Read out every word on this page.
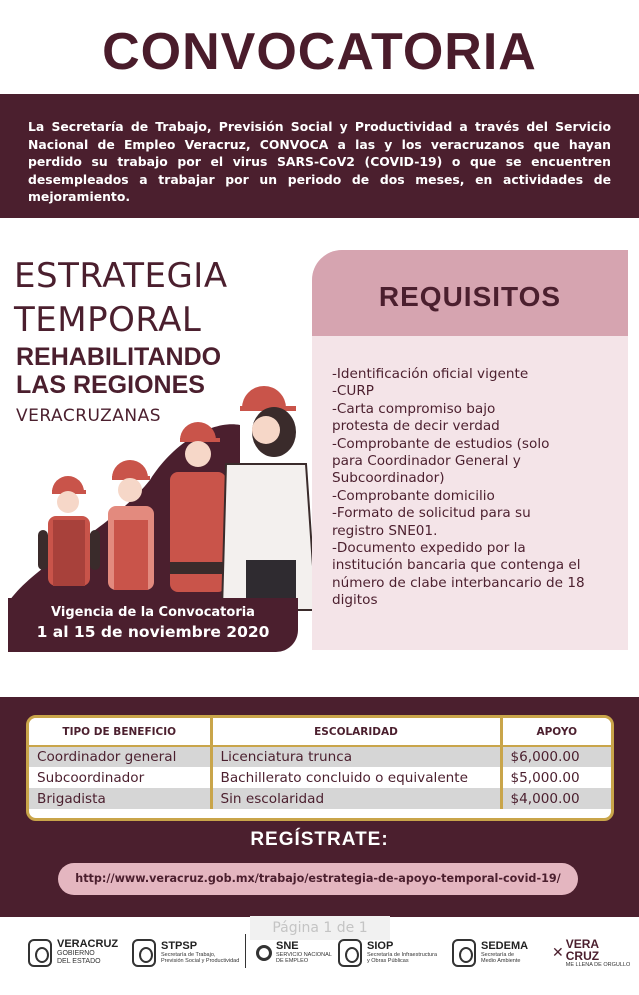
CONVOCATORIA

La Secretaría de Trabajo, Previsión Social y Productividad a través del Servicio Nacional de Empleo Veracruz, CONVOCA a las y los veracruzanos que hayan perdido su trabajo por el virus SARS-CoV2 (COVID-19) o que se encuentren desempleados a trabajar por un periodo de dos meses, en actividades de mejoramiento.

ESTRATEGIA
TEMPORAL
REHABILITANDO
LAS REGIONES
VERACRUZANAS
Vigencia de la Convocatoria
1 al 15 de noviembre 2020
REQUISITOS
-Identificación oficial vigente
-CURP
-Carta compromiso bajo
protesta de decir verdad
-Comprobante de estudios (solo
para Coordinador General y
Subcoordinador)
-Comprobante domicilio
-Formato de solicitud para su
registro SNE01.
-Documento expedido por la
institución bancaria que contenga el
número de clabe interbancario de 18
digitos
TIPO DE BENEFICIO	ESCOLARIDAD	APOYO
Coordinador general	Licenciatura trunca	$6,000.00
Subcoordinador	Bachillerato concluido o equivalente	$5,000.00
Brigadista	Sin escolaridad	$4,000.00
REGÍSTRATE:
http://www.veracruz.gob.mx/trabajo/estrategia-de-apoyo-temporal-covid-19/
Página 1 de 1
VERACRUZ
GOBIERNO
DEL ESTADO
STPSP
Secretaría de Trabajo,
Previsión Social y Productividad
SNE
SERVICIO NACIONAL
DE EMPLEO
SIOP
Secretaría de Infraestructura
y Obras Públicas
SEDEMA
Secretaría de
Medio Ambiente
✕
VERA
CRUZ
ME LLENA DE ORGULLO
